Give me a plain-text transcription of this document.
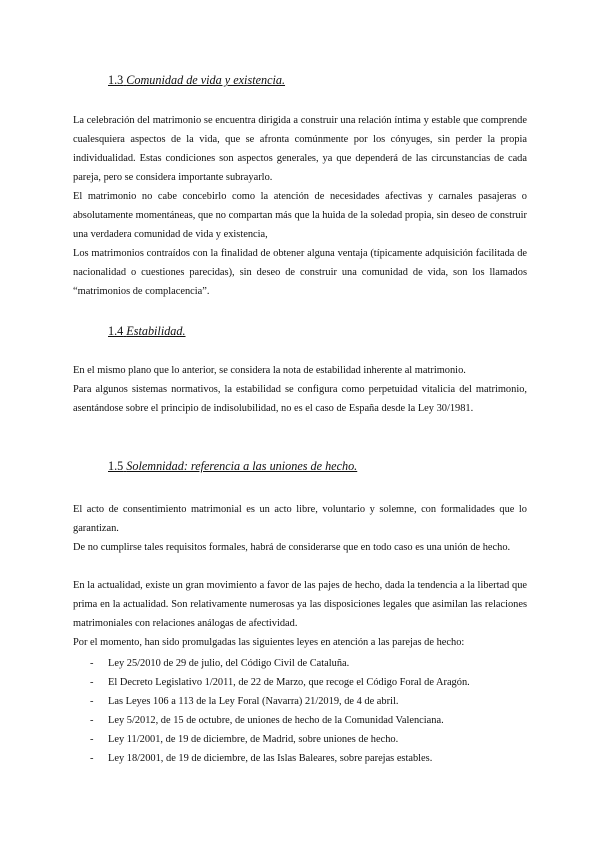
1.3 Comunidad de vida y existencia.

La celebración del matrimonio se encuentra dirigida a construir una relación íntima y estable que comprende cualesquiera aspectos de la vida, que se afronta comúnmente por los cónyuges, sin perder la propia individualidad. Estas condiciones son aspectos generales, ya que dependerá de las circunstancias de cada pareja, pero se considera importante subrayarlo.

El matrimonio no cabe concebirlo como la atención de necesidades afectivas y carnales pasajeras o absolutamente momentáneas, que no compartan más que la huida de la soledad propia, sin deseo de construir una verdadera comunidad de vida y existencia,

Los matrimonios contraídos con la finalidad de obtener alguna ventaja (típicamente adquisición facilitada de nacionalidad o cuestiones parecidas), sin deseo de construir una comunidad de vida, son los llamados “matrimonios de complacencia”.

1.4 Estabilidad.

En el mismo plano que lo anterior, se considera la nota de estabilidad inherente al matrimonio.

Para algunos sistemas normativos, la estabilidad se configura como perpetuidad vitalicia del matrimonio, asentándose sobre el principio de indisolubilidad, no es el caso de España desde la Ley 30/1981.

1.5 Solemnidad: referencia a las uniones de hecho.

El acto de consentimiento matrimonial es un acto libre, voluntario y solemne, con formalidades que lo garantizan.

De no cumplirse tales requisitos formales, habrá de considerarse que en todo caso es una unión de hecho.

En la actualidad, existe un gran movimiento a favor de las pajes de hecho, dada la tendencia a la libertad que prima en la actualidad. Son relativamente numerosas ya las disposiciones legales que asimilan las relaciones matrimoniales con relaciones análogas de afectividad.

Por el momento, han sido promulgadas las siguientes leyes en atención a las parejas de hecho:

- Ley 25/2010 de 29 de julio, del Código Civil de Cataluña.
- El Decreto Legislativo 1/2011, de 22 de Marzo, que recoge el Código Foral de Aragón.
- Las Leyes 106 a 113 de la Ley Foral (Navarra) 21/2019, de 4 de abril.
- Ley 5/2012, de 15 de octubre, de uniones de hecho de la Comunidad Valenciana.
- Ley 11/2001, de 19 de diciembre, de Madrid, sobre uniones de hecho.
- Ley 18/2001, de 19 de diciembre, de las Islas Baleares, sobre parejas estables.
